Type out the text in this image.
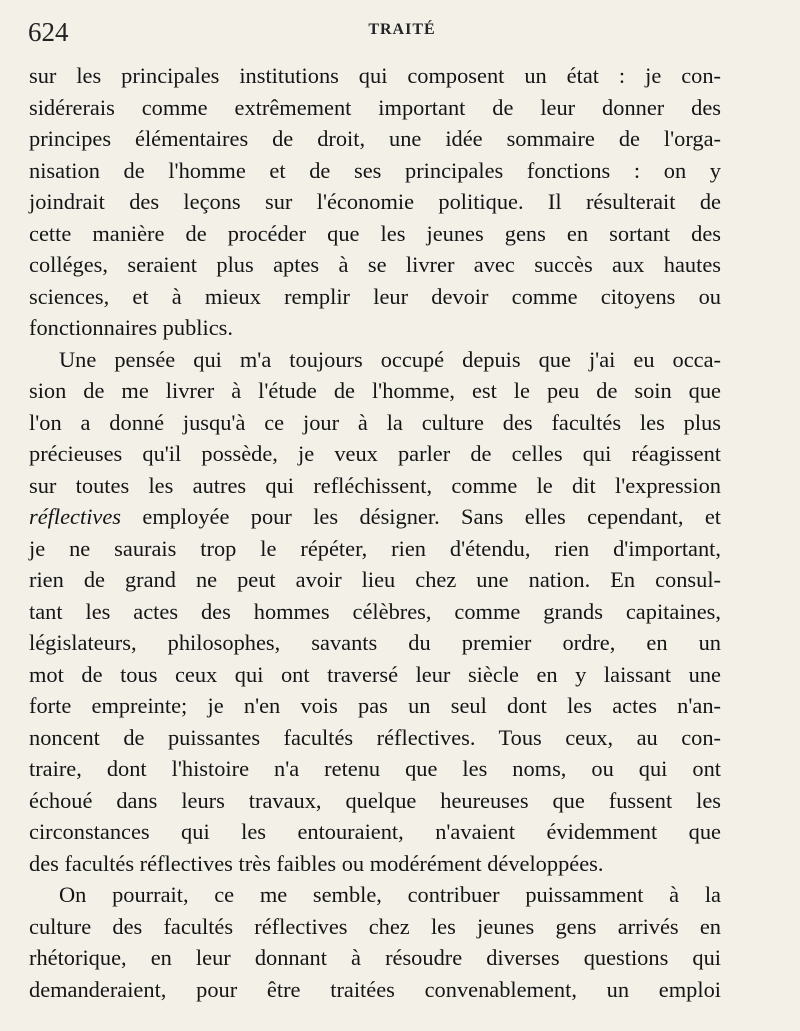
624	TRAITÉ

sur les principales institutions qui composent un état : je con-
sidérerais comme extrêmement important de leur donner des
principes élémentaires de droit, une idée sommaire de l'orga-
nisation de l'homme et de ses principales fonctions : on y
joindrait des leçons sur l'économie politique. Il résulterait de
cette manière de procéder que les jeunes gens en sortant des
colléges, seraient plus aptes à se livrer avec succès aux hautes
sciences, et à mieux remplir leur devoir comme citoyens ou
fonctionnaires publics.

Une pensée qui m'a toujours occupé depuis que j'ai eu occa-
sion de me livrer à l'étude de l'homme, est le peu de soin que
l'on a donné jusqu'à ce jour à la culture des facultés les plus
précieuses qu'il possède, je veux parler de celles qui réagissent
sur toutes les autres qui refléchissent, comme le dit l'expression
réflectives employée pour les désigner. Sans elles cependant, et
je ne saurais trop le répéter, rien d'étendu, rien d'important,
rien de grand ne peut avoir lieu chez une nation. En consul-
tant les actes des hommes célèbres, comme grands capitaines,
législateurs, philosophes, savants du premier ordre, en un
mot de tous ceux qui ont traversé leur siècle en y laissant une
forte empreinte; je n'en vois pas un seul dont les actes n'an-
noncent de puissantes facultés réflectives. Tous ceux, au con-
traire, dont l'histoire n'a retenu que les noms, ou qui ont
échoué dans leurs travaux, quelque heureuses que fussent les
circonstances qui les entouraient, n'avaient évidemment que
des facultés réflectives très faibles ou modérément développées.

On pourrait, ce me semble, contribuer puissamment à la
culture des facultés réflectives chez les jeunes gens arrivés en
rhétorique, en leur donnant à résoudre diverses questions qui
demanderaient, pour être traitées convenablement, un emploi
